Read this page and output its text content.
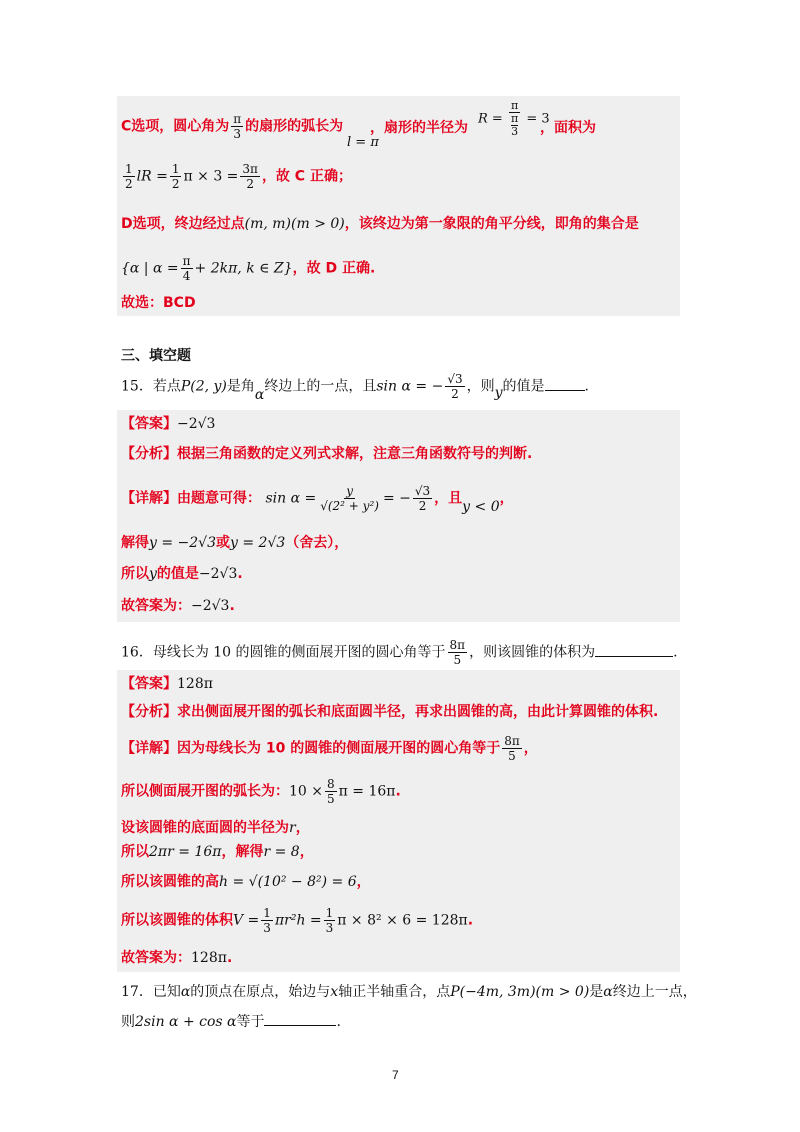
C选项，圆心角为 $\frac{\pi}{3}$ 的扇形的弧长为
l = π
，扇形的半径为
R = π
π
3 = 3
，面积为
$\frac{1}{2}$ lR = $\frac{1}{2}$ $\pi \times 3 = \frac{3\pi}{2}$ ，故 C 正确；
D选项，终边经过点(m, m)(m > 0)，该终边为第一象限的角平分线，即角的集合是
{α | $\alpha = \frac{\pi}{4} + 2k\pi$, k ∈ Z}，故 D 正确.
故选：BCD
三、填空题
15．若点P(2, y)是角α终边上的一点，且sin α = − $\frac{√3}{2}$ ，则y的值是	.
【答案】−2√3
【分析】根据三角函数的定义列式求解，注意三角函数符号的判断.
【详解】由题意可得： $\sin \alpha = \frac{y}{\text{√(2² + y²)}}$ = − $\frac{√3}{2}$ ，且y < 0，
解得y = −2√3或y = 2√3（舍去），
所以y的值是−2√3.
故答案为：−2√3.
16．母线长为 10 的圆锥的侧面展开图的圆心角等于 $\frac{8\pi}{5}$ ，则该圆锥的体积为	.
【答案】128π
【分析】求出侧面展开图的弧长和底面圆半径，再求出圆锥的高，由此计算圆锥的体积.
【详解】因为母线长为 10 的圆锥的侧面展开图的圆心角等于 $\frac{8\pi}{5}$ ，
所以侧面展开图的弧长为：$10 \times \frac{8}{5}$ π = 16π.
设该圆锥的底面圆的半径为r，
所以2πr = 16π，解得r = 8，
所以该圆锥的高h = √(10² − 8²) = 6，
所以该圆锥的体积$V = \frac{1}{3} \pi r^2h = \frac{1}{3}$ π × 8² × 6 = 128π.
故答案为：128π.
17．已知α的顶点在原点，始边与x轴正半轴重合，点P(−4m, 3m)(m > 0)是α终边上一点，
则2sin α + cos α等于	.
7
